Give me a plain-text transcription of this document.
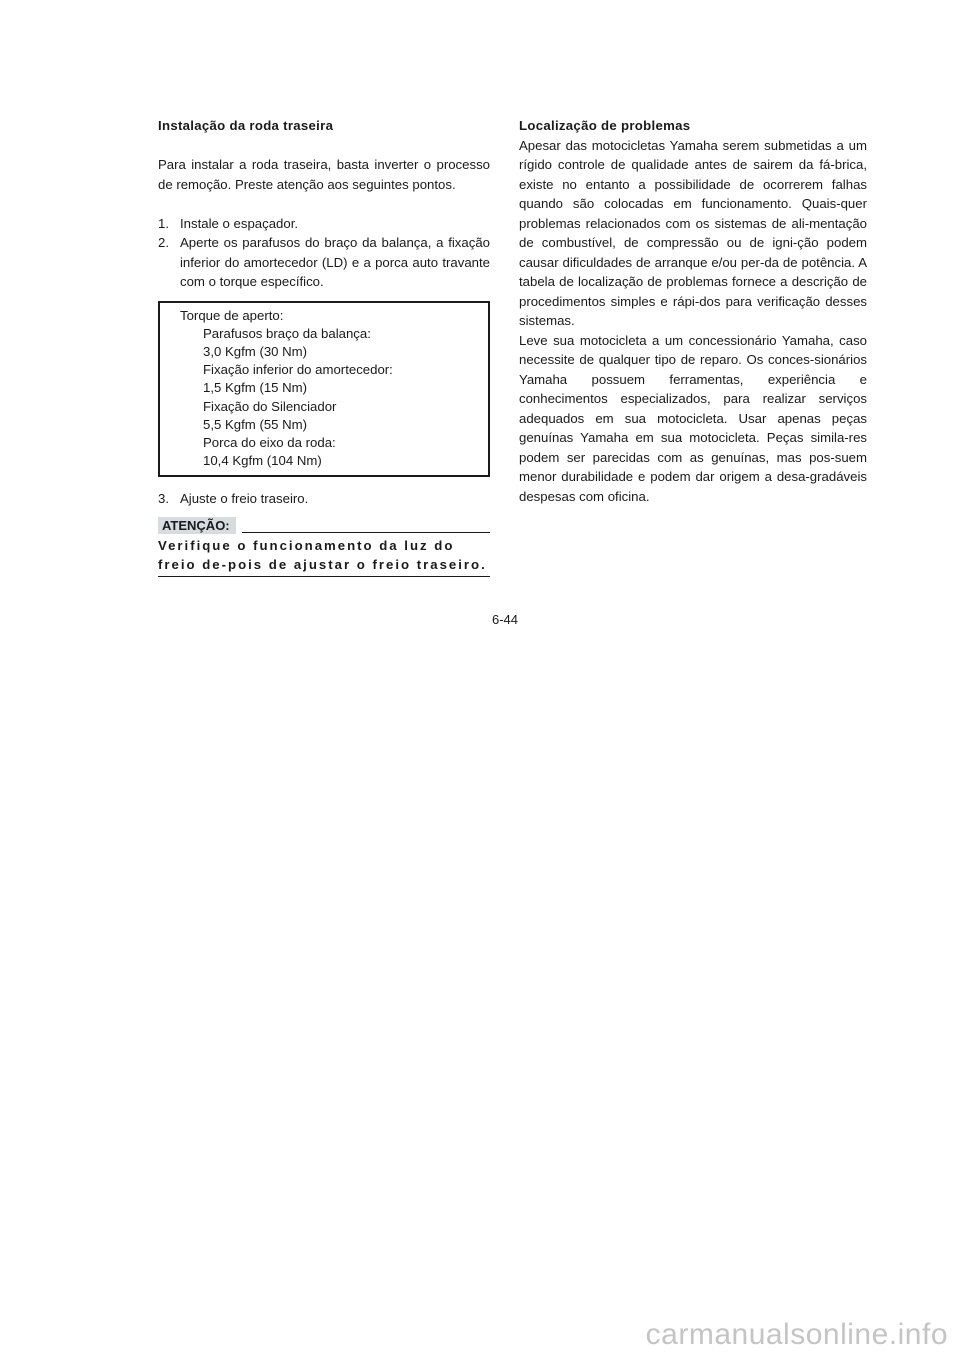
Instalação da roda traseira

Para instalar a roda traseira, basta inverter o processo de remoção. Preste atenção aos seguintes pontos.

1. Instale o espaçador.
2. Aperte os parafusos do braço da balança, a fixação inferior do amortecedor (LD) e a porca auto travante com o torque específico.
Torque de aperto:
Parafusos braço da balança:
3,0 Kgfm (30 Nm)
Fixação inferior do amortecedor:
1,5 Kgfm (15 Nm)
Fixação do Silenciador
5,5 Kgfm (55 Nm)
Porca do eixo da roda:
10,4 Kgfm (104 Nm)
3. Ajuste o freio traseiro.
ATENÇÃO:
Verifique o funcionamento da luz do freio de-pois de ajustar o freio traseiro.

Localização de problemas

Apesar das motocicletas Yamaha serem submetidas a um rígido controle de qualidade antes de sairem da fá-brica, existe no entanto a possibilidade de ocorrerem falhas quando são colocadas em funcionamento. Quais-quer problemas relacionados com os sistemas de ali-mentação de combustível, de compressão ou de igni-ção podem causar dificuldades de arranque e/ou per-da de potência. A tabela de localização de problemas fornece a descrição de procedimentos simples e rápi-dos para verificação desses sistemas.

Leve sua motocicleta a um concessionário Yamaha, caso necessite de qualquer tipo de reparo. Os conces-sionários Yamaha possuem ferramentas, experiência e conhecimentos especializados, para realizar serviços adequados em sua motocicleta. Usar apenas peças genuínas Yamaha em sua motocicleta. Peças simila-res podem ser parecidas com as genuínas, mas pos-suem menor durabilidade e podem dar origem a desa-gradáveis despesas com oficina.

6-44
carmanualsonline.info
